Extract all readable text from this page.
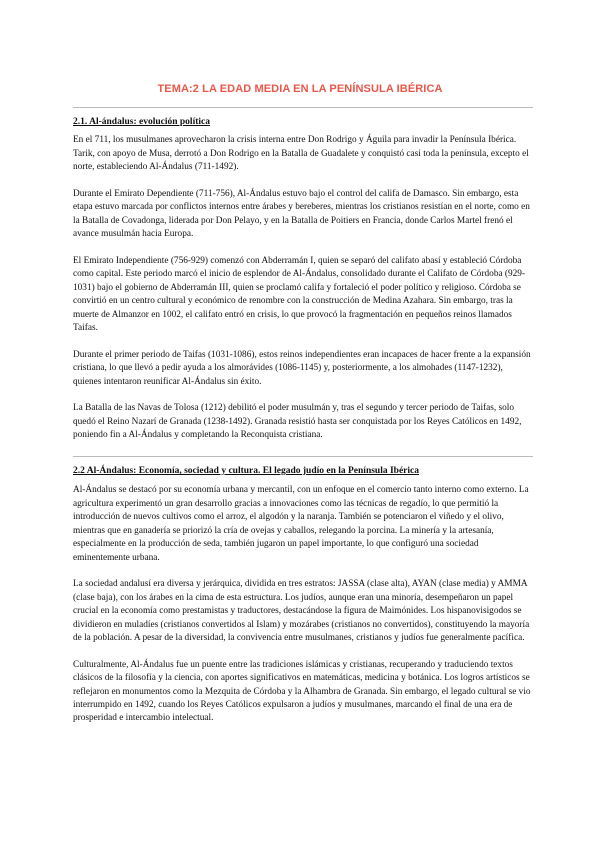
TEMA:2 LA EDAD MEDIA EN LA PENÍNSULA IBÉRICA

2.1. Al-ándalus: evolución política

En el 711, los musulmanes aprovecharon la crisis interna entre Don Rodrigo y Águila para invadir la Península Ibérica. Tarik, con apoyo de Musa, derrotó a Don Rodrigo en la Batalla de Guadalete y conquistó casi toda la península, excepto el norte, estableciendo Al-Ándalus (711-1492).

Durante el Emirato Dependiente (711-756), Al-Ándalus estuvo bajo el control del califa de Damasco. Sin embargo, esta etapa estuvo marcada por conflictos internos entre árabes y bereberes, mientras los cristianos resistían en el norte, como en la Batalla de Covadonga, liderada por Don Pelayo, y en la Batalla de Poitiers en Francia, donde Carlos Martel frenó el avance musulmán hacia Europa.

El Emirato Independiente (756-929) comenzó con Abderramán I, quien se separó del califato abasí y estableció Córdoba como capital. Este periodo marcó el inicio de esplendor de Al-Ándalus, consolidado durante el Califato de Córdoba (929-1031) bajo el gobierno de Abderramán III, quien se proclamó califa y fortaleció el poder político y religioso. Córdoba se convirtió en un centro cultural y económico de renombre con la construcción de Medina Azahara. Sin embargo, tras la muerte de Almanzor en 1002, el califato entró en crisis, lo que provocó la fragmentación en pequeños reinos llamados Taifas.

Durante el primer periodo de Taifas (1031-1086), estos reinos independientes eran incapaces de hacer frente a la expansión cristiana, lo que llevó a pedir ayuda a los almorávides (1086-1145) y, posteriormente, a los almohades (1147-1232), quienes intentaron reunificar Al-Ándalus sin éxito.

La Batalla de las Navas de Tolosa (1212) debilitó el poder musulmán y, tras el segundo y tercer periodo de Taifas, solo quedó el Reino Nazarí de Granada (1238-1492). Granada resistió hasta ser conquistada por los Reyes Católicos en 1492, poniendo fin a Al-Ándalus y completando la Reconquista cristiana.

2.2 Al-Ándalus: Economía, sociedad y cultura. El legado judío en la Península Ibérica

Al-Ándalus se destacó por su economía urbana y mercantil, con un enfoque en el comercio tanto interno como externo. La agricultura experimentó un gran desarrollo gracias a innovaciones como las técnicas de regadío, lo que permitió la introducción de nuevos cultivos como el arroz, el algodón y la naranja. También se potenciaron el viñedo y el olivo, mientras que en ganadería se priorizó la cría de ovejas y caballos, relegando la porcina. La minería y la artesanía, especialmente en la producción de seda, también jugaron un papel importante, lo que configuró una sociedad eminentemente urbana.

La sociedad andalusí era diversa y jerárquica, dividida en tres estratos: JASSA (clase alta), AYAN (clase media) y AMMA (clase baja), con los árabes en la cima de esta estructura. Los judíos, aunque eran una minoría, desempeñaron un papel crucial en la economía como prestamistas y traductores, destacándose la figura de Maimónides. Los hispanovisigodos se dividieron en muladíes (cristianos convertidos al Islam) y mozárabes (cristianos no convertidos), constituyendo la mayoría de la población. A pesar de la diversidad, la convivencia entre musulmanes, cristianos y judíos fue generalmente pacífica.

Culturalmente, Al-Ándalus fue un puente entre las tradiciones islámicas y cristianas, recuperando y traduciendo textos clásicos de la filosofía y la ciencia, con aportes significativos en matemáticas, medicina y botánica. Los logros artísticos se reflejaron en monumentos como la Mezquita de Córdoba y la Alhambra de Granada. Sin embargo, el legado cultural se vio interrumpido en 1492, cuando los Reyes Católicos expulsaron a judíos y musulmanes, marcando el final de una era de prosperidad e intercambio intelectual.
